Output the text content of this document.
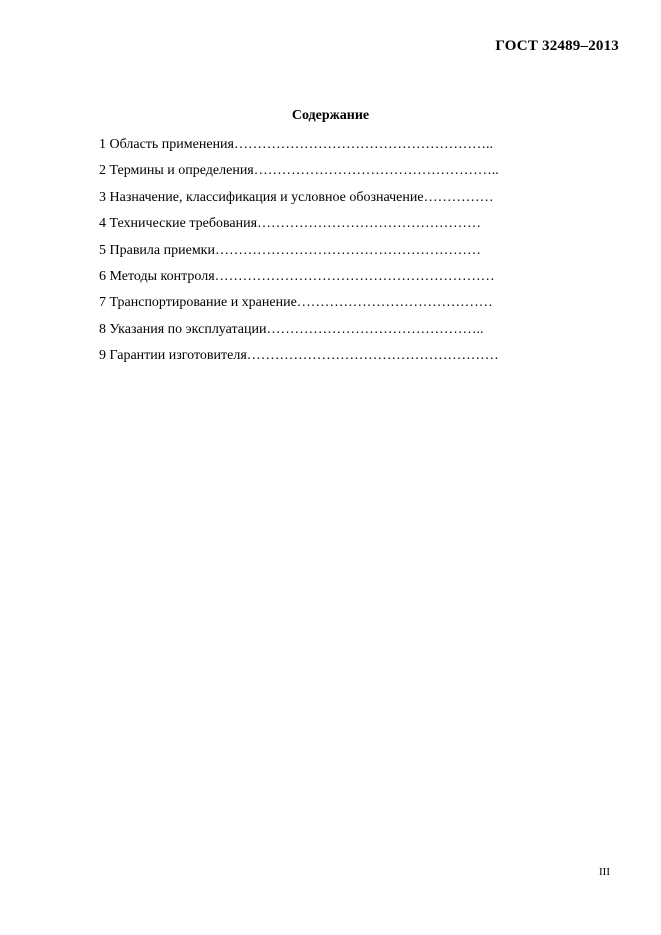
ГОСТ 32489–2013
Содержание
1 Область применения………………………………………………..
2 Термины и определения……………………………………………..
3 Назначение, классификация и условное обозначение……………
4 Технические требования…………………………………………
5 Правила приемки…………………………………………………
6 Методы контроля……………………………………………………
7 Транспортирование и хранение……………………………………
8 Указания по эксплуатации………………………………………..
9 Гарантии изготовителя………………………………………………
III
